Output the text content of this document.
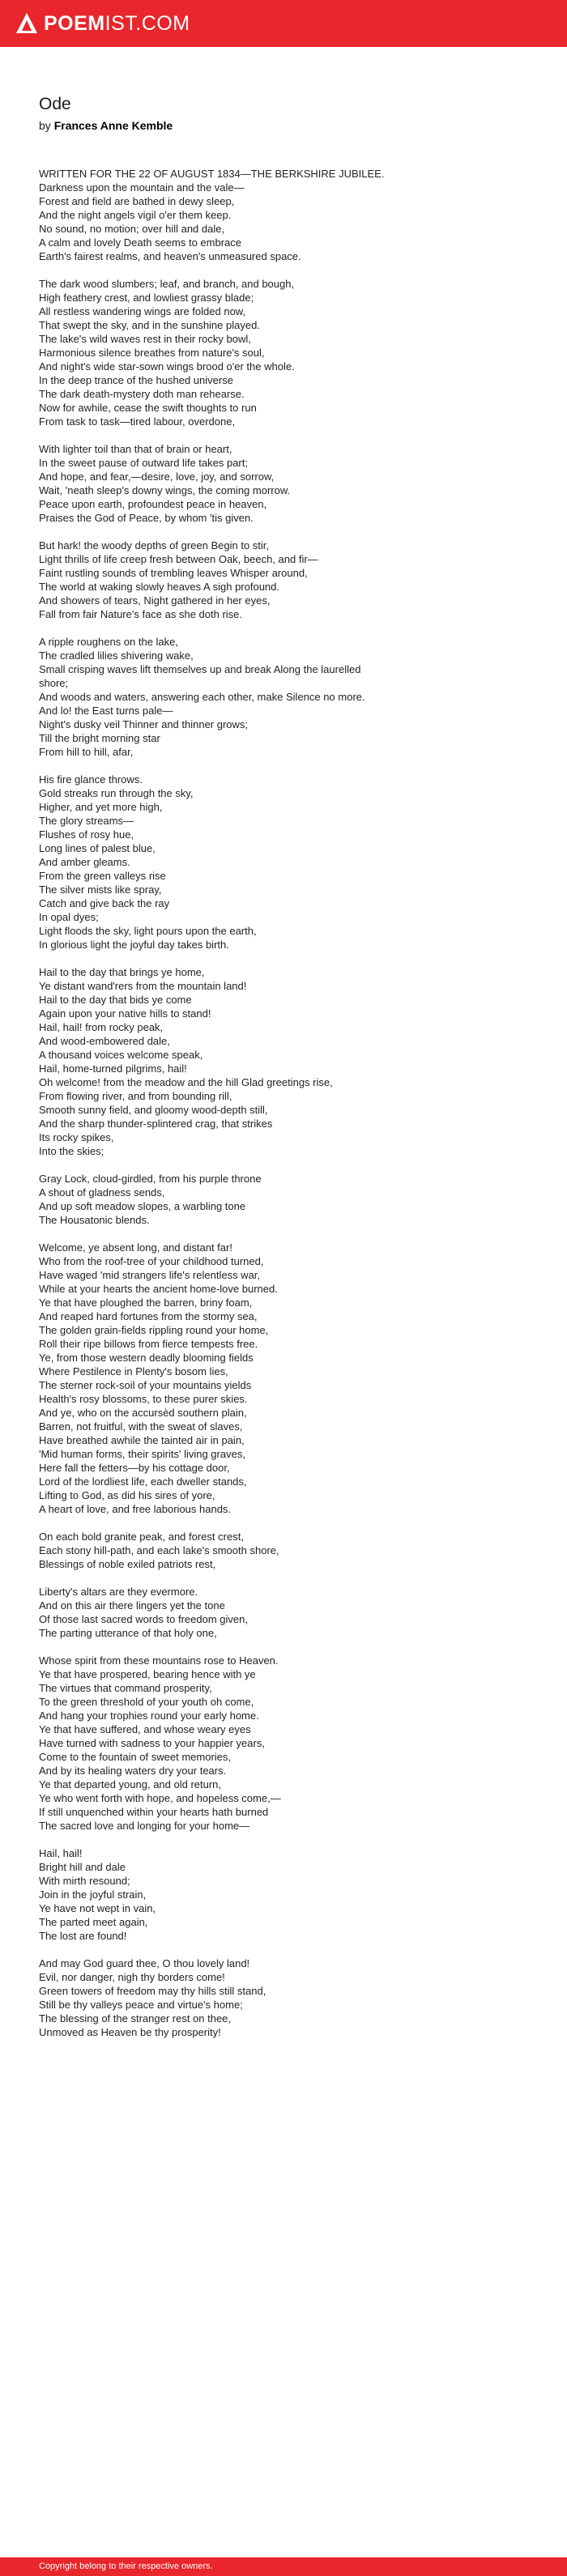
POEM IST.COM
Ode
by Frances Anne Kemble

WRITTEN FOR THE 22 OF AUGUST 1834—THE BERKSHIRE JUBILEE.
Darkness upon the mountain and the vale—
Forest and field are bathed in dewy sleep,
And the night angels vigil o'er them keep.
No sound, no motion; over hill and dale,
A calm and lovely Death seems to embrace
Earth's fairest realms, and heaven's unmeasured space.

The dark wood slumbers; leaf, and branch, and bough,
High feathery crest, and lowliest grassy blade;
All restless wandering wings are folded now,
That swept the sky, and in the sunshine played.
The lake's wild waves rest in their rocky bowl,
Harmonious silence breathes from nature's soul,
And night's wide star-sown wings brood o'er the whole.
In the deep trance of the hushed universe
The dark death-mystery doth man rehearse.
Now for awhile, cease the swift thoughts to run
From task to task—tired labour, overdone,

With lighter toil than that of brain or heart,
In the sweet pause of outward life takes part;
And hope, and fear,—desire, love, joy, and sorrow,
Wait, 'neath sleep's downy wings, the coming morrow.
Peace upon earth, profoundest peace in heaven,
Praises the God of Peace, by whom 'tis given.

But hark! the woody depths of green Begin to stir,
Light thrills of life creep fresh between Oak, beech, and fir—
Faint rustling sounds of trembling leaves Whisper around,
The world at waking slowly heaves A sigh profound.
And showers of tears, Night gathered in her eyes,
Fall from fair Nature's face as she doth rise.

A ripple roughens on the lake,
The cradled lilies shivering wake,
Small crisping waves lift themselves up and break Along the laurelled
shore;
And woods and waters, answering each other, make Silence no more.
And lo! the East turns pale—
Night's dusky veil Thinner and thinner grows;
Till the bright morning star
From hill to hill, afar,

His fire glance throws.
Gold streaks run through the sky,
Higher, and yet more high,
The glory streams—
Flushes of rosy hue,
Long lines of palest blue,
And amber gleams.
From the green valleys rise
The silver mists like spray,
Catch and give back the ray
In opal dyes;
Light floods the sky, light pours upon the earth,
In glorious light the joyful day takes birth.

Hail to the day that brings ye home,
Ye distant wand'rers from the mountain land!
Hail to the day that bids ye come
Again upon your native hills to stand!
Hail, hail! from rocky peak,
And wood-embowered dale,
A thousand voices welcome speak,
Hail, home-turned pilgrims, hail!
Oh welcome! from the meadow and the hill Glad greetings rise,
From flowing river, and from bounding rill,
Smooth sunny field, and gloomy wood-depth still,
And the sharp thunder-splintered crag, that strikes
Its rocky spikes,
Into the skies;

Gray Lock, cloud-girdled, from his purple throne
A shout of gladness sends,
And up soft meadow slopes, a warbling tone
The Housatonic blends.

Welcome, ye absent long, and distant far!
Who from the roof-tree of your childhood turned,
Have waged 'mid strangers life's relentless war,
While at your hearts the ancient home-love burned.
Ye that have ploughed the barren, briny foam,
And reaped hard fortunes from the stormy sea,
The golden grain-fields rippling round your home,
Roll their ripe billows from fierce tempests free.
Ye, from those western deadly blooming fields
Where Pestilence in Plenty's bosom lies,
The sterner rock-soil of your mountains yields
Health's rosy blossoms, to these purer skies.
And ye, who on the accursèd southern plain,
Barren, not fruitful, with the sweat of slaves,
Have breathed awhile the tainted air in pain,
'Mid human forms, their spirits' living graves,
Here fall the fetters—by his cottage door,
Lord of the lordliest life, each dweller stands,
Lifting to God, as did his sires of yore,
A heart of love, and free laborious hands.

On each bold granite peak, and forest crest,
Each stony hill-path, and each lake's smooth shore,
Blessings of noble exiled patriots rest,

Liberty's altars are they evermore.
And on this air there lingers yet the tone
Of those last sacred words to freedom given,
The parting utterance of that holy one,

Whose spirit from these mountains rose to Heaven.
Ye that have prospered, bearing hence with ye
The virtues that command prosperity,
To the green threshold of your youth oh come,
And hang your trophies round your early home.
Ye that have suffered, and whose weary eyes
Have turned with sadness to your happier years,
Come to the fountain of sweet memories,
And by its healing waters dry your tears.
Ye that departed young, and old return,
Ye who went forth with hope, and hopeless come,—
If still unquenched within your hearts hath burned
The sacred love and longing for your home—

Hail, hail!
Bright hill and dale
With mirth resound;
Join in the joyful strain,
Ye have not wept in vain,
The parted meet again,
The lost are found!

And may God guard thee, O thou lovely land!
Evil, nor danger, nigh thy borders come!
Green towers of freedom may thy hills still stand,
Still be thy valleys peace and virtue's home;
The blessing of the stranger rest on thee,
Unmoved as Heaven be thy prosperity!

Copyright belong to their respective owners.
